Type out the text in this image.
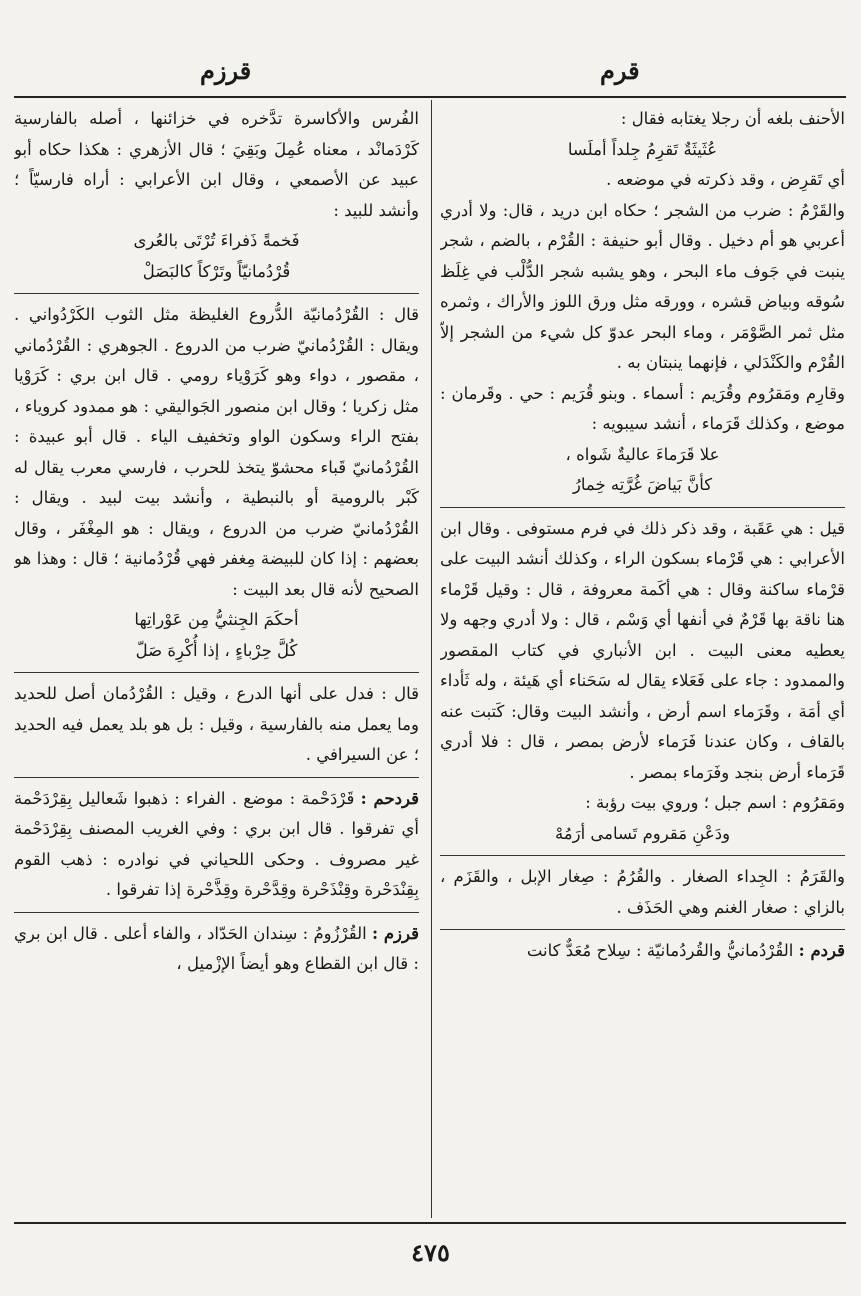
قرم
قرزم

الأحنف بلغه أن رجلا يغتابه فقال :

عُثَيثَةٌ تَقرِمُ جِلداً أملَسا

أي تَقرِض ، وقد ذكرته في موضعه .

والقَرْمُ : ضرب من الشجر ؛ حكاه ابن دريد ، قال: ولا أدري أعربي هو أم دخيل . وقال أبو حنيفة : القُرْم ، بالضم ، شجر ينبت في جَوف ماء البحر ، وهو يشبه شجر الدُّلْب في غِلَظ سُوقه وبياض قشره ، وورقه مثل ورق اللوز والأراك ، وثمره مثل ثمر الصَّوْمَر ، وماء البحر عدوّ كل شيء من الشجر إلاّ القُرْم والكَنْدَلي ، فإنهما ينبتان به .

وقارِم ومَقرُوم وقُرَيم : أسماء . وبنو قُرَيم : حي . وقَرمان : موضع ، وكذلك قَرَماء ، أنشد سيبويه :

علا قَرَماءَ عاليةٌ شَواه ،

كأنَّ بَياضَ غُرَّتِه خِمارُ

قيل : هي عَقَبة ، وقد ذكر ذلك في فرم مستوفى . وقال ابن الأعرابي : هي قَرْماء بسكون الراء ، وكذلك أنشد البيت على قرْماء ساكنة وقال : هي أكَمة معروفة ، قال : وقيل قَرْماء هنا ناقة بها قَرْمٌ في أنفها أي وَسْم ، قال : ولا أدري وجهه ولا يعطيه معنى البيت . ابن الأنباري في كتاب المقصور والممدود : جاء على فَعَلاء يقال له سَحَناء أي هَيئة ، وله ثَأداء أي أمَة ، وقَرَماء اسم أرض ، وأنشد البيت وقال: كَتبت عنه بالقاف ، وكان عندنا فَرَماء لأرض بمصر ، قال : فلا أدري قَرَماء أرض بنجد وفَرَماء بمصر .

ومَقرُوم : اسم جبل ؛ وروي بيت رؤبة :

ودَعْنِ مَقروم تَسامى أرَمُهْ

والقَرَمُ : الجِداء الصغار . والقُرُمُ : صِغار الإبل ، والقَزَم ، بالزاي : صغار الغنم وهي الحَذَف .

قردم : القُرْدُمانيُّ والقُردُمانيّة : سِلاح مُعَدٌّ كانت

الفُرس والأكاسرة تدَّخره في خزائنها ، أصله بالفارسية كَرْدَمانْد ، معناه عُمِلَ وبَقِيَ ؛ قال الأزهري : هكذا حكاه أبو عبيد عن الأصمعي ، وقال ابن الأعرابي : أراه فارسيّاً ؛ وأنشد للبيد :

فَخمةً ذَفراءَ تُرْتَى بالعُرى

قُرْدُمانيّاً وتَرْكاً كالبَصَلْ

قال : القُرْدُمانيّة الدُّروع الغليظة مثل الثوب الكَرْدُواني . ويقال : القُرْدُمانيّ ضرب من الدروع . الجوهري : القُرْدُماني ، مقصور ، دواء وهو كَرَوْياء رومي . قال ابن بري : كَرَوْيا مثل زكريا ؛ وقال ابن منصور الجَواليقي : هو ممدود كروياء ، بفتح الراء وسكون الواو وتخفيف الياء . قال أبو عبيدة : القُرْدُمانيّ قَباء محشوّ يتخذ للحرب ، فارسي معرب يقال له كَبْر بالرومية أو بالنبطية ، وأنشد بيت لبيد . ويقال : القُرْدُمانيّ ضرب من الدروع ، ويقال : هو المِغْفَر ، وقال بعضهم : إذا كان للبيضة مِغفر فهي قُرْدُمانية ؛ قال : وهذا هو الصحيح لأنه قال بعد البيت :

أحكَمَ الجِنثيُّ مِن عَوْراتِها

كُلَّ حِرْباءٍ ، إذا أُكْرِهَ صَلّ

قال : فدل على أنها الدرع ، وقيل : القُرْدُمان أصل للحديد وما يعمل منه بالفارسية ، وقيل : بل هو بلد يعمل فيه الحديد ؛ عن السيرافي .

قردحم : قَرْدَحْمة : موضع . الفراء : ذهبوا شَعاليل بِقِرْدَحْمة أي تفرقوا . قال ابن بري : وفي الغريب المصنف بِقِرْدَحْمة غير مصروف . وحكى اللحياني في نوادره : ذهب القوم بِقِنْدَحْرة وقِنْذَحْرة وقِدَّحْرة وقِذَّحْرة إذا تفرقوا .

قرزم : القُرْزُومُ : سِندان الحَدّاد ، والفاء أعلى . قال ابن بري : قال ابن القطاع وهو أيضاً الإزْميل ،

٤٧٥
